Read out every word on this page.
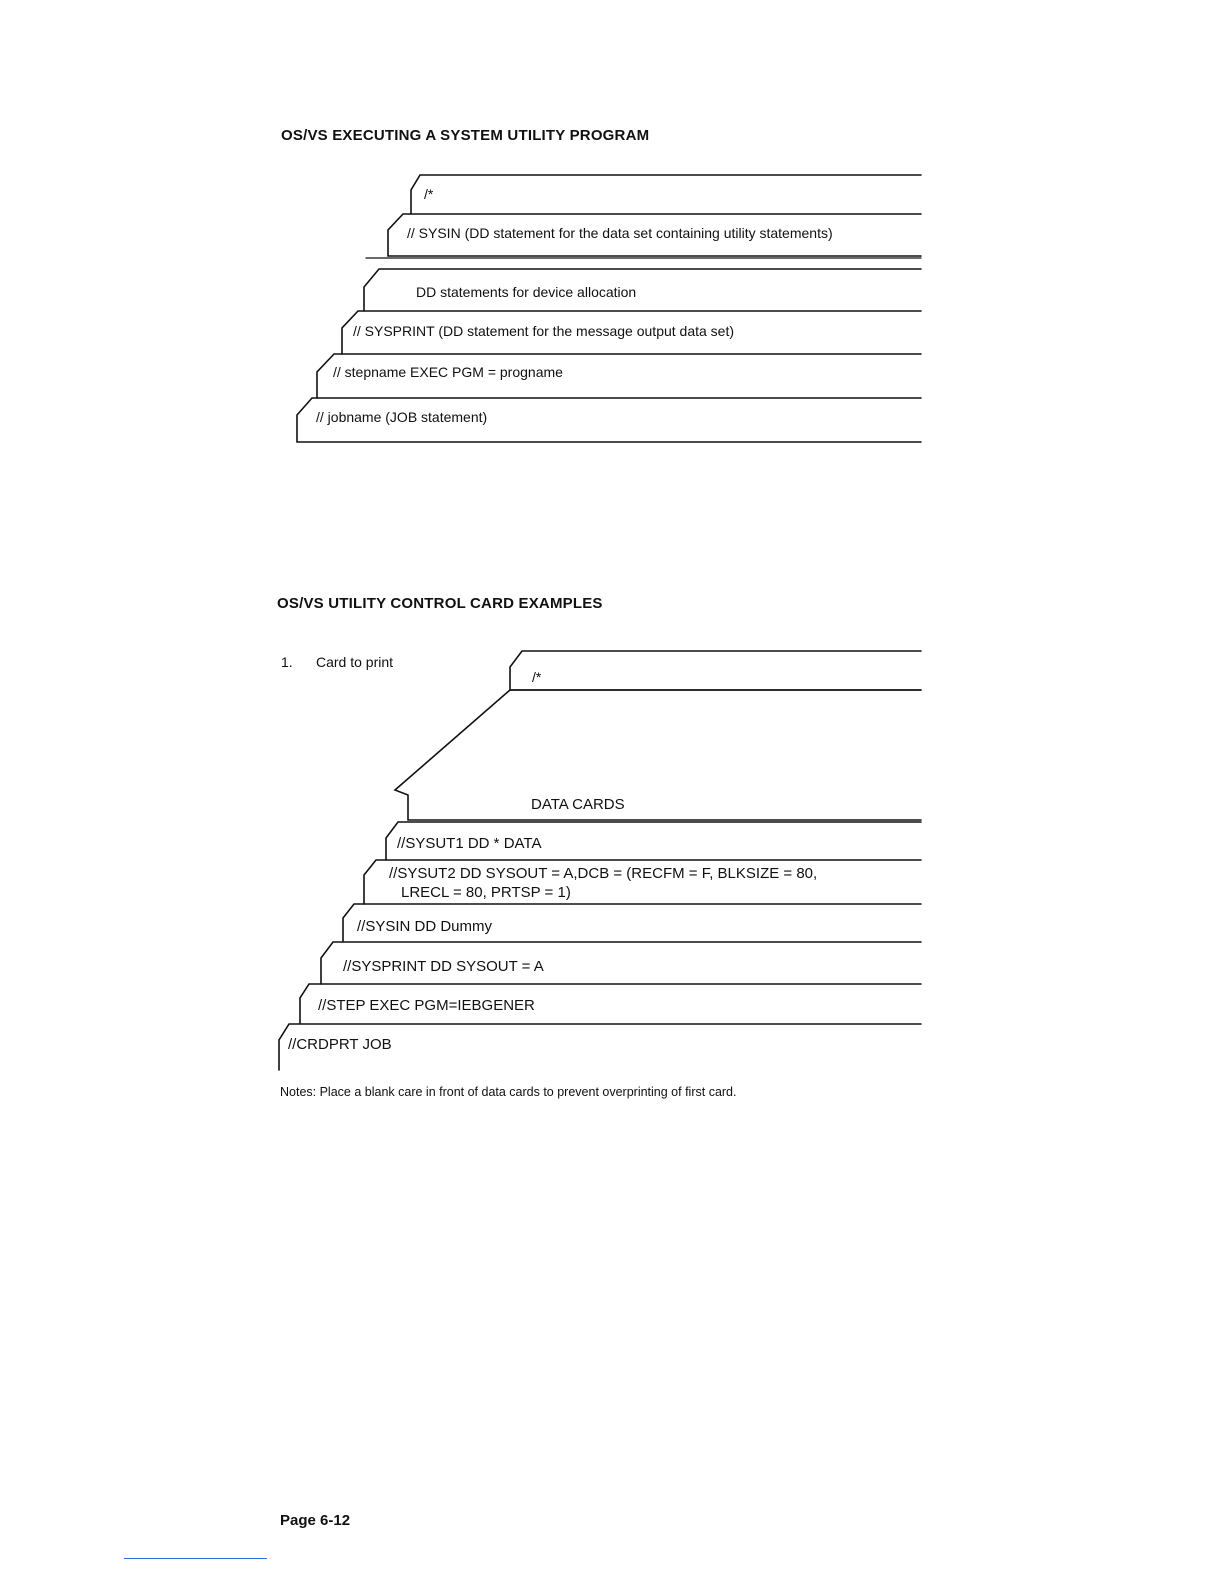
OS/VS EXECUTING A SYSTEM UTILITY PROGRAM
/*
// SYSIN (DD statement for the data set containing utility statements)
DD statements for device allocation
// SYSPRINT (DD statement for the message output data set)
// stepname EXEC PGM = progname
// jobname (JOB statement)
OS/VS UTILITY CONTROL CARD EXAMPLES
1. Card to print
/*
DATA CARDS
//SYSUT1 DD * DATA
//SYSUT2 DD SYSOUT = A,DCB = (RECFM = F, BLKSIZE = 80,
LRECL = 80, PRTSP = 1)
//SYSIN DD Dummy
//SYSPRINT DD SYSOUT = A
//STEP EXEC PGM=IEBGENER
//CRDPRT JOB
Notes: Place a blank care in front of data cards to prevent overprinting of first card.
Page 6-12
